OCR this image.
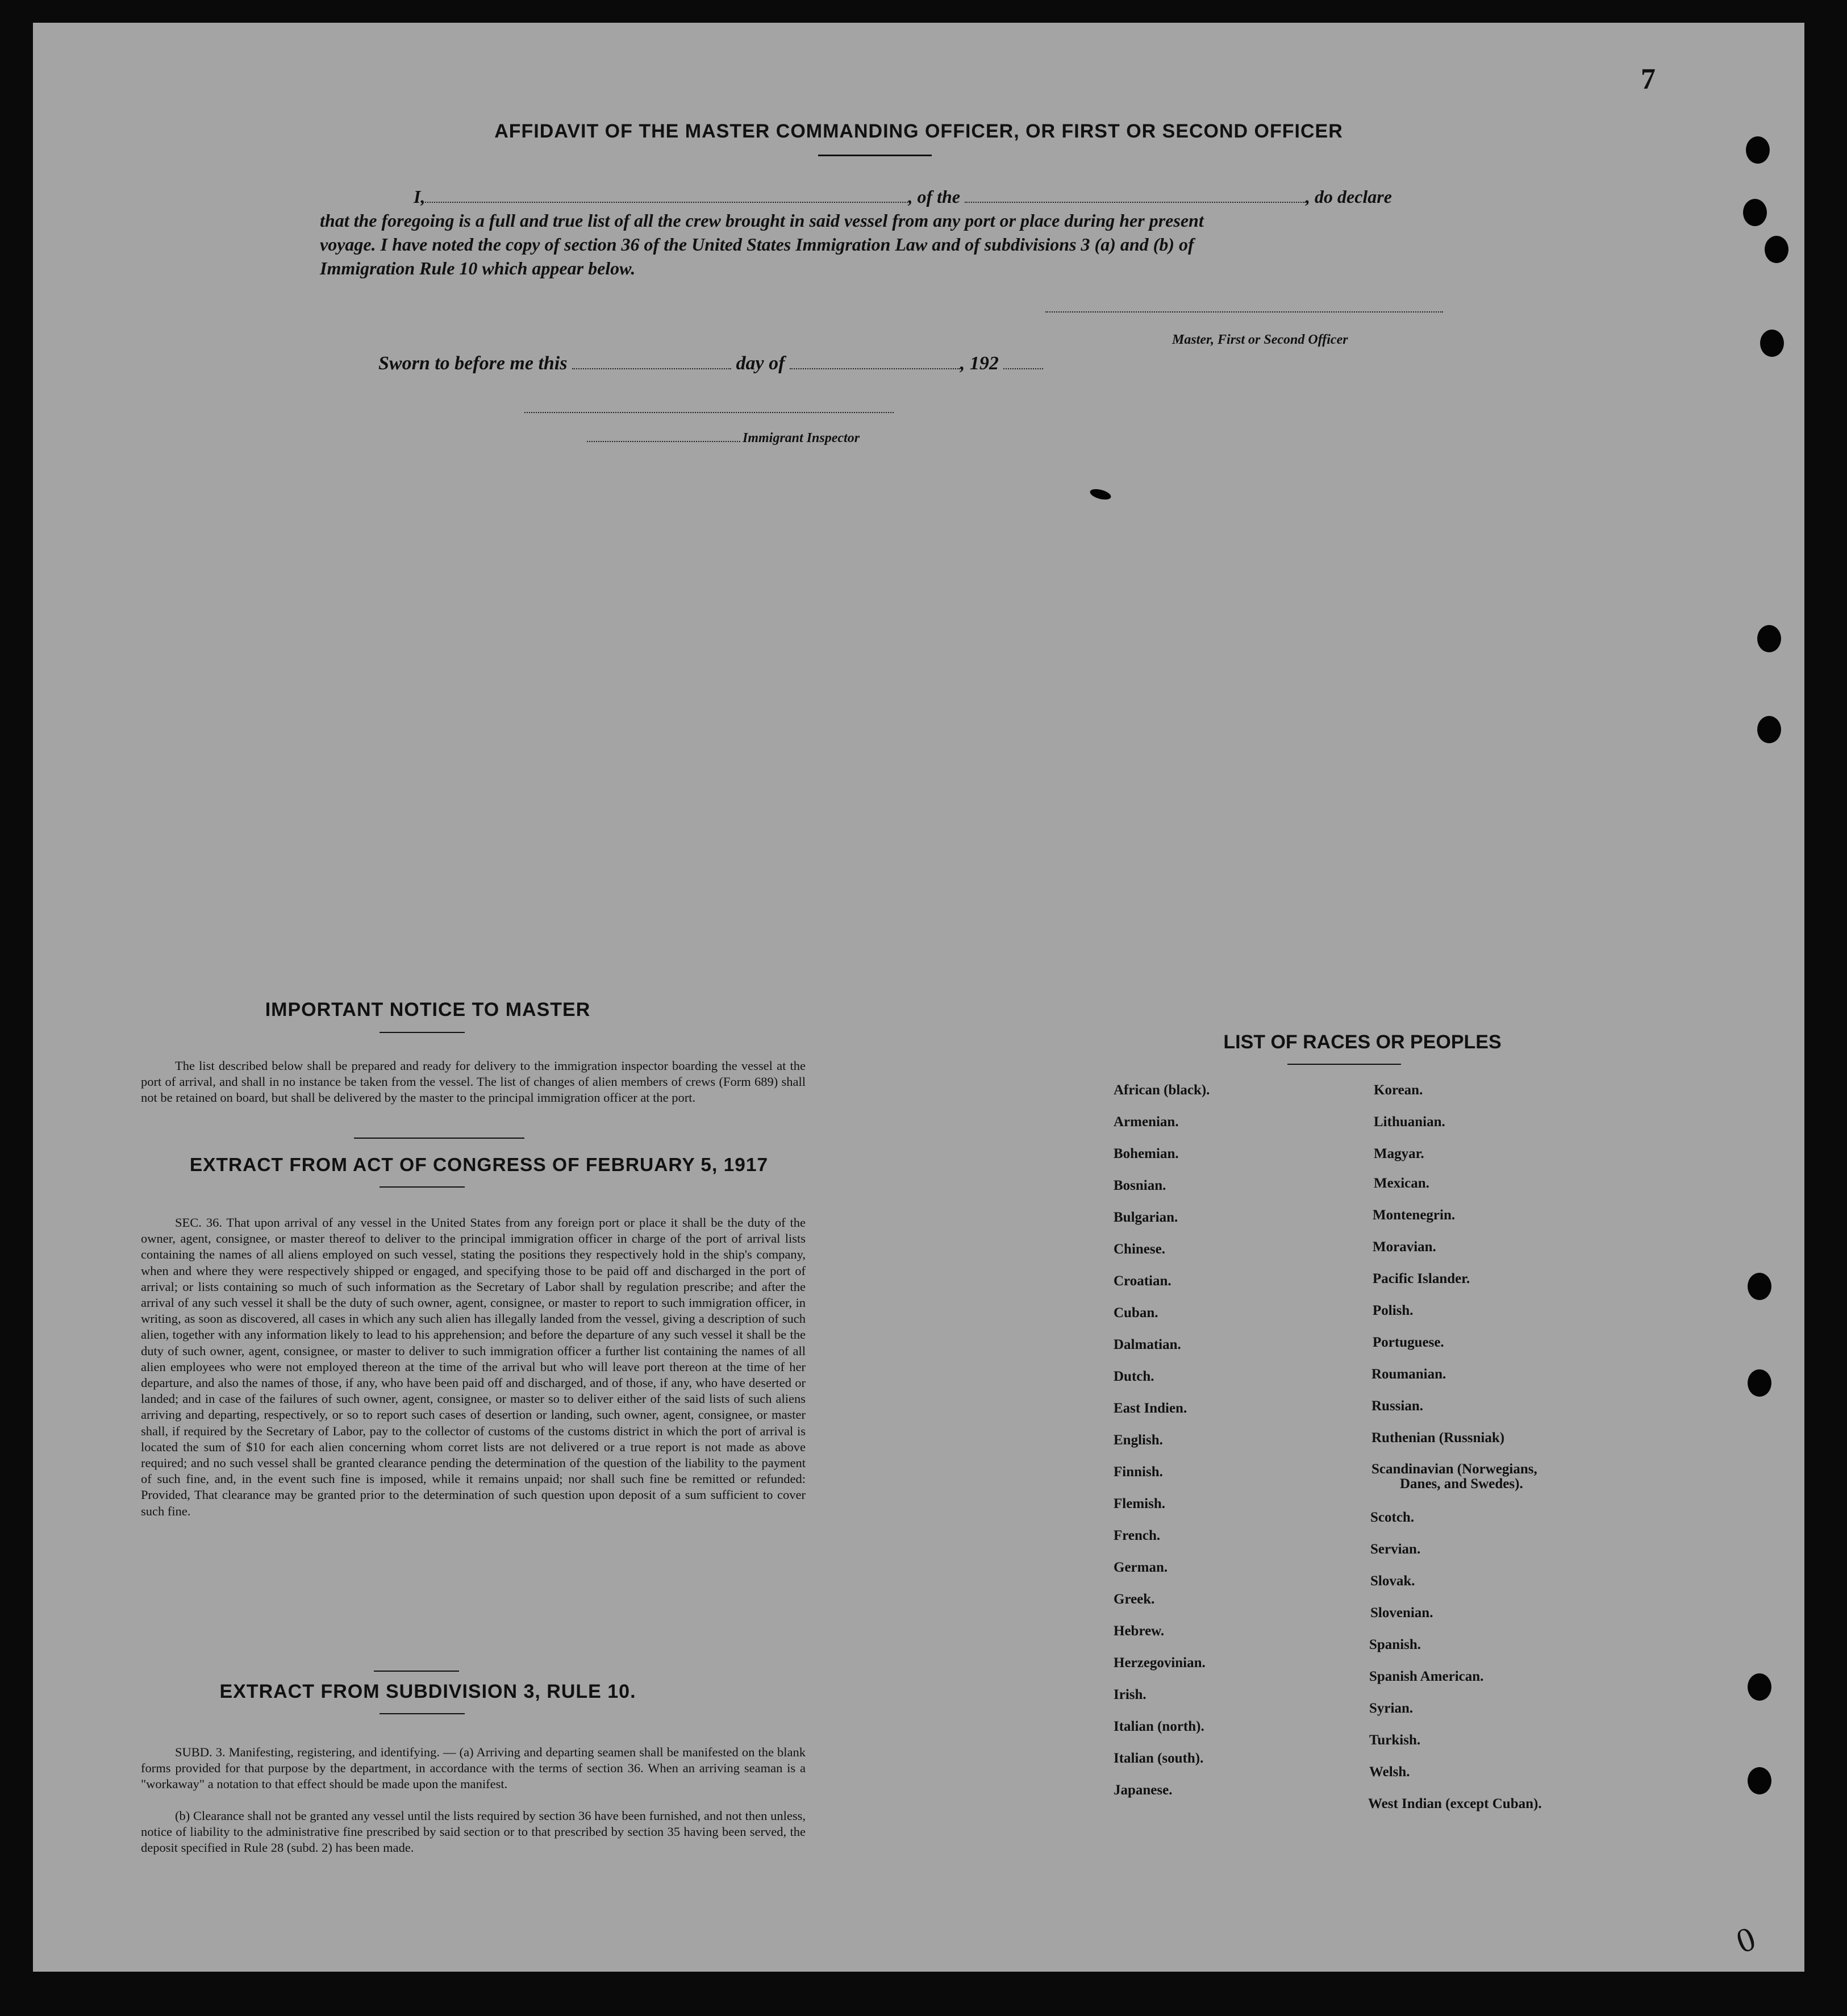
7
0
AFFIDAVIT OF THE MASTER COMMANDING OFFICER, OR FIRST OR SECOND OFFICER
I,	, of the	, do declare
that the foregoing is a full and true list of all the crew brought in said vessel from any port or place during her present
voyage. I have noted the copy of section 36 of the United States Immigration Law and of subdivisions 3 (a) and (b) of
Immigration Rule 10 which appear below.
Master, First or Second Officer
Sworn to before me this	day of	, 192
Immigrant Inspector
IMPORTANT NOTICE TO MASTER
The list described below shall be prepared and ready for delivery to the immigration inspector boarding the vessel at the port of arrival, and shall in no instance be taken from the vessel. The list of changes of alien members of crews (Form 689) shall not be retained on board, but shall be delivered by the master to the principal immigration officer at the port.
EXTRACT FROM ACT OF CONGRESS OF FEBRUARY 5, 1917
SEC. 36. That upon arrival of any vessel in the United States from any foreign port or place it shall be the duty of the owner, agent, consignee, or master thereof to deliver to the principal immigration officer in charge of the port of arrival lists containing the names of all aliens employed on such vessel, stating the positions they respectively hold in the ship's company, when and where they were respectively shipped or engaged, and specifying those to be paid off and discharged in the port of arrival; or lists containing so much of such information as the Secretary of Labor shall by regulation prescribe; and after the arrival of any such vessel it shall be the duty of such owner, agent, consignee, or master to report to such immigration officer, in writing, as soon as discovered, all cases in which any such alien has illegally landed from the vessel, giving a description of such alien, together with any information likely to lead to his apprehension; and before the departure of any such vessel it shall be the duty of such owner, agent, consignee, or master to deliver to such immigration officer a further list containing the names of all alien employees who were not employed thereon at the time of the arrival but who will leave port thereon at the time of her departure, and also the names of those, if any, who have been paid off and discharged, and of those, if any, who have deserted or landed; and in case of the failures of such owner, agent, consignee, or master so to deliver either of the said lists of such aliens arriving and departing, respectively, or so to report such cases of desertion or landing, such owner, agent, consignee, or master shall, if required by the Secretary of Labor, pay to the collector of customs of the customs district in which the port of arrival is located the sum of $10 for each alien concerning whom corret lists are not delivered or a true report is not made as above required; and no such vessel shall be granted clearance pending the determination of the question of the liability to the payment of such fine, and, in the event such fine is imposed, while it remains unpaid; nor shall such fine be remitted or refunded: Provided, That clearance may be granted prior to the determination of such question upon deposit of a sum sufficient to cover such fine.
EXTRACT FROM SUBDIVISION 3, RULE 10.
SUBD. 3. Manifesting, registering, and identifying. — (a) Arriving and departing seamen shall be manifested on the blank forms provided for that purpose by the department, in accordance with the terms of section 36. When an arriving seaman is a "workaway" a notation to that effect should be made upon the manifest.
(b) Clearance shall not be granted any vessel until the lists required by section 36 have been furnished, and not then unless, notice of liability to the administrative fine prescribed by said section or to that prescribed by section 35 having been served, the deposit specified in Rule 28 (subd. 2) has been made.
LIST OF RACES OR PEOPLES
African (black).
Armenian.
Bohemian.
Bosnian.
Bulgarian.
Chinese.
Croatian.
Cuban.
Dalmatian.
Dutch.
East Indien.
English.
Finnish.
Flemish.
French.
German.
Greek.
Hebrew.
Herzegovinian.
Irish.
Italian (north).
Italian (south).
Japanese.
Korean.
Lithuanian.
Magyar.
Mexican.
Montenegrin.
Moravian.
Pacific Islander.
Polish.
Portuguese.
Roumanian.
Russian.
Ruthenian (Russniak)
Scandinavian (Norwegians,
Danes, and Swedes).
Scotch.
Servian.
Slovak.
Slovenian.
Spanish.
Spanish American.
Syrian.
Turkish.
Welsh.
West Indian (except Cuban).
